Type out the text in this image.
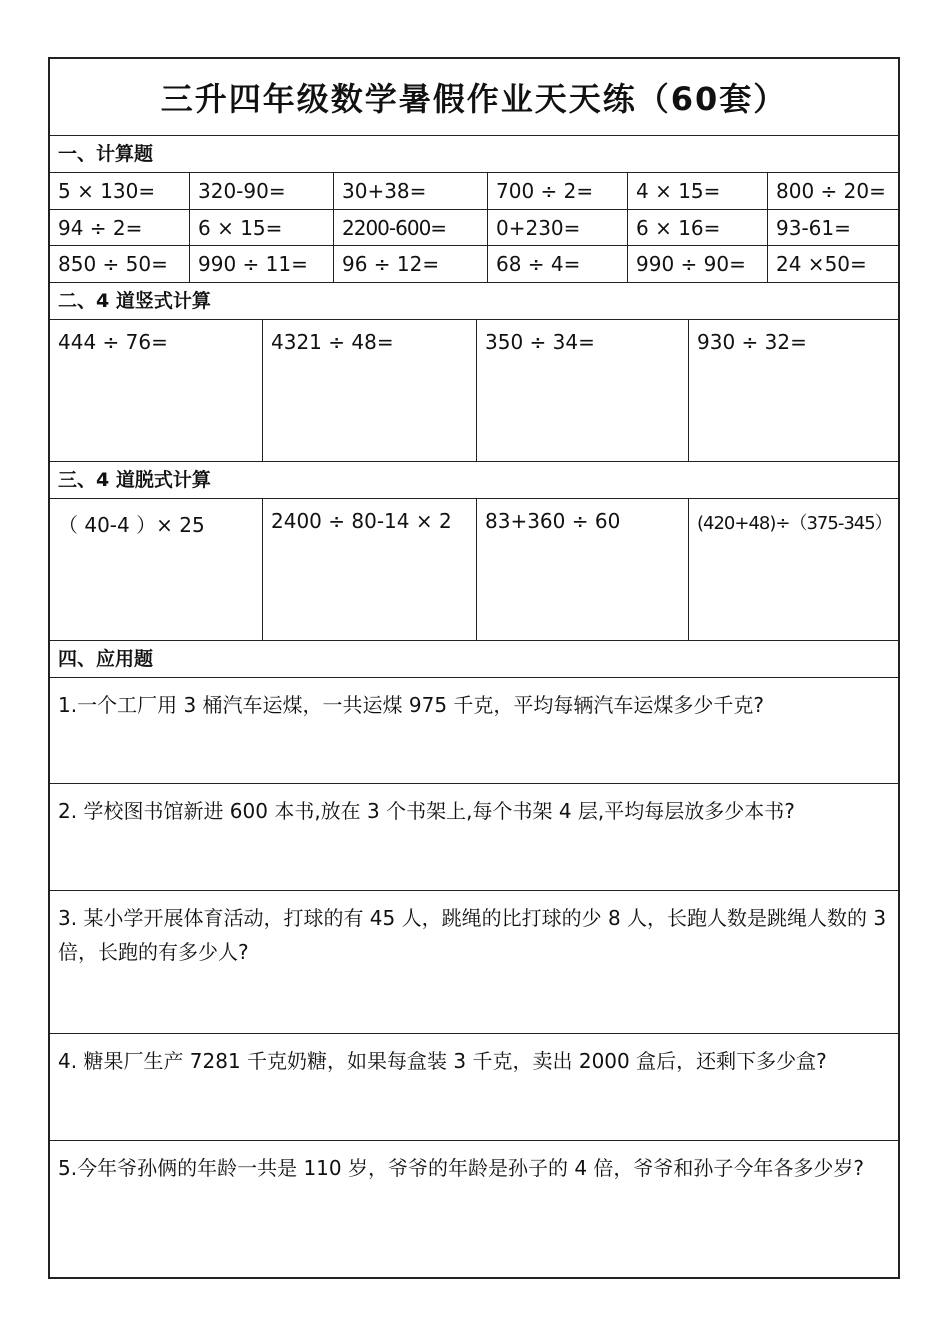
三升四年级数学暑假作业天天练（60套）
一、计算题
5 × 130=	320-90=	30+38=	700 ÷ 2=	4 × 15=	800 ÷ 20=
94 ÷ 2=	6 × 15=	2200-600=	0+230=	6 × 16=	93-61=
850 ÷ 50=	990 ÷ 11=	96 ÷ 12=	68 ÷ 4=	990 ÷ 90=	24 ×50=
二、4 道竖式计算
444 ÷ 76=	4321 ÷ 48=	350 ÷ 34=	930 ÷ 32=
三、4 道脱式计算
（ 40-4 ）× 25	2400 ÷ 80-14 × 2	83+360 ÷ 60	(420+48)÷（375-345）
四、应用题
1.一个工厂用 3 桶汽车运煤，一共运煤 975 千克，平均每辆汽车运煤多少千克?
2. 学校图书馆新进 600 本书,放在 3 个书架上,每个书架 4 层,平均每层放多少本书?
3. 某小学开展体育活动，打球的有 45 人，跳绳的比打球的少 8 人，长跑人数是跳绳人数的 3 倍，长跑的有多少人?
4. 糖果厂生产 7281 千克奶糖，如果每盒装 3 千克，卖出 2000 盒后，还剩下多少盒?
5.今年爷孙俩的年龄一共是 110 岁，爷爷的年龄是孙子的 4 倍，爷爷和孙子今年各多少岁?
